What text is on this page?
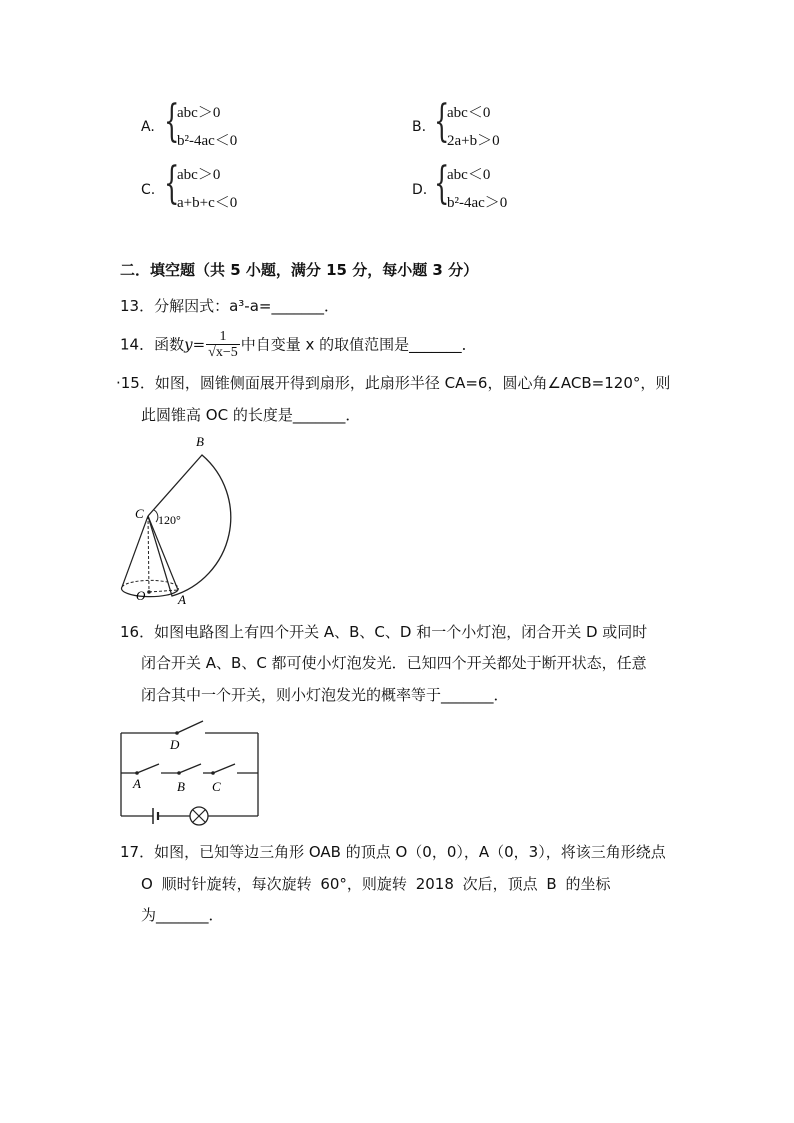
A. {
abc＞0
b²-4ac＜0
B. {
abc＜0
2a+b＞0
C. {
abc＞0
a+b+c＜0
D. {
abc＜0
b²-4ac＞0
二．填空题（共 5 小题，满分 15 分，每小题 3 分）
13．分解因式：a³-a=_______．
14．函数$y= \frac{1}{√x-5}$ 中自变量 x 的取值范围是_______．
·15．如图，圆锥侧面展开得到扇形，此扇形半径 CA=6，圆心角∠ACB=120°，则
此圆锥高 OC 的长度是_______．
B
C 120°
O	A
16．如图电路图上有四个开关 A、B、C、D 和一个小灯泡，闭合开关 D 或同时
闭合开关 A、B、C 都可使小灯泡发光．已知四个开关都处于断开状态，任意
闭合其中一个开关，则小灯泡发光的概率等于_______．
D
A	B C
17．如图，已知等边三角形 OAB 的顶点 O（0，0），A（0，3），将该三角形绕点
O 顺时针旋转，每次旋转 60°，则旋转 2018 次后，顶点 B 的坐标
为_______．
